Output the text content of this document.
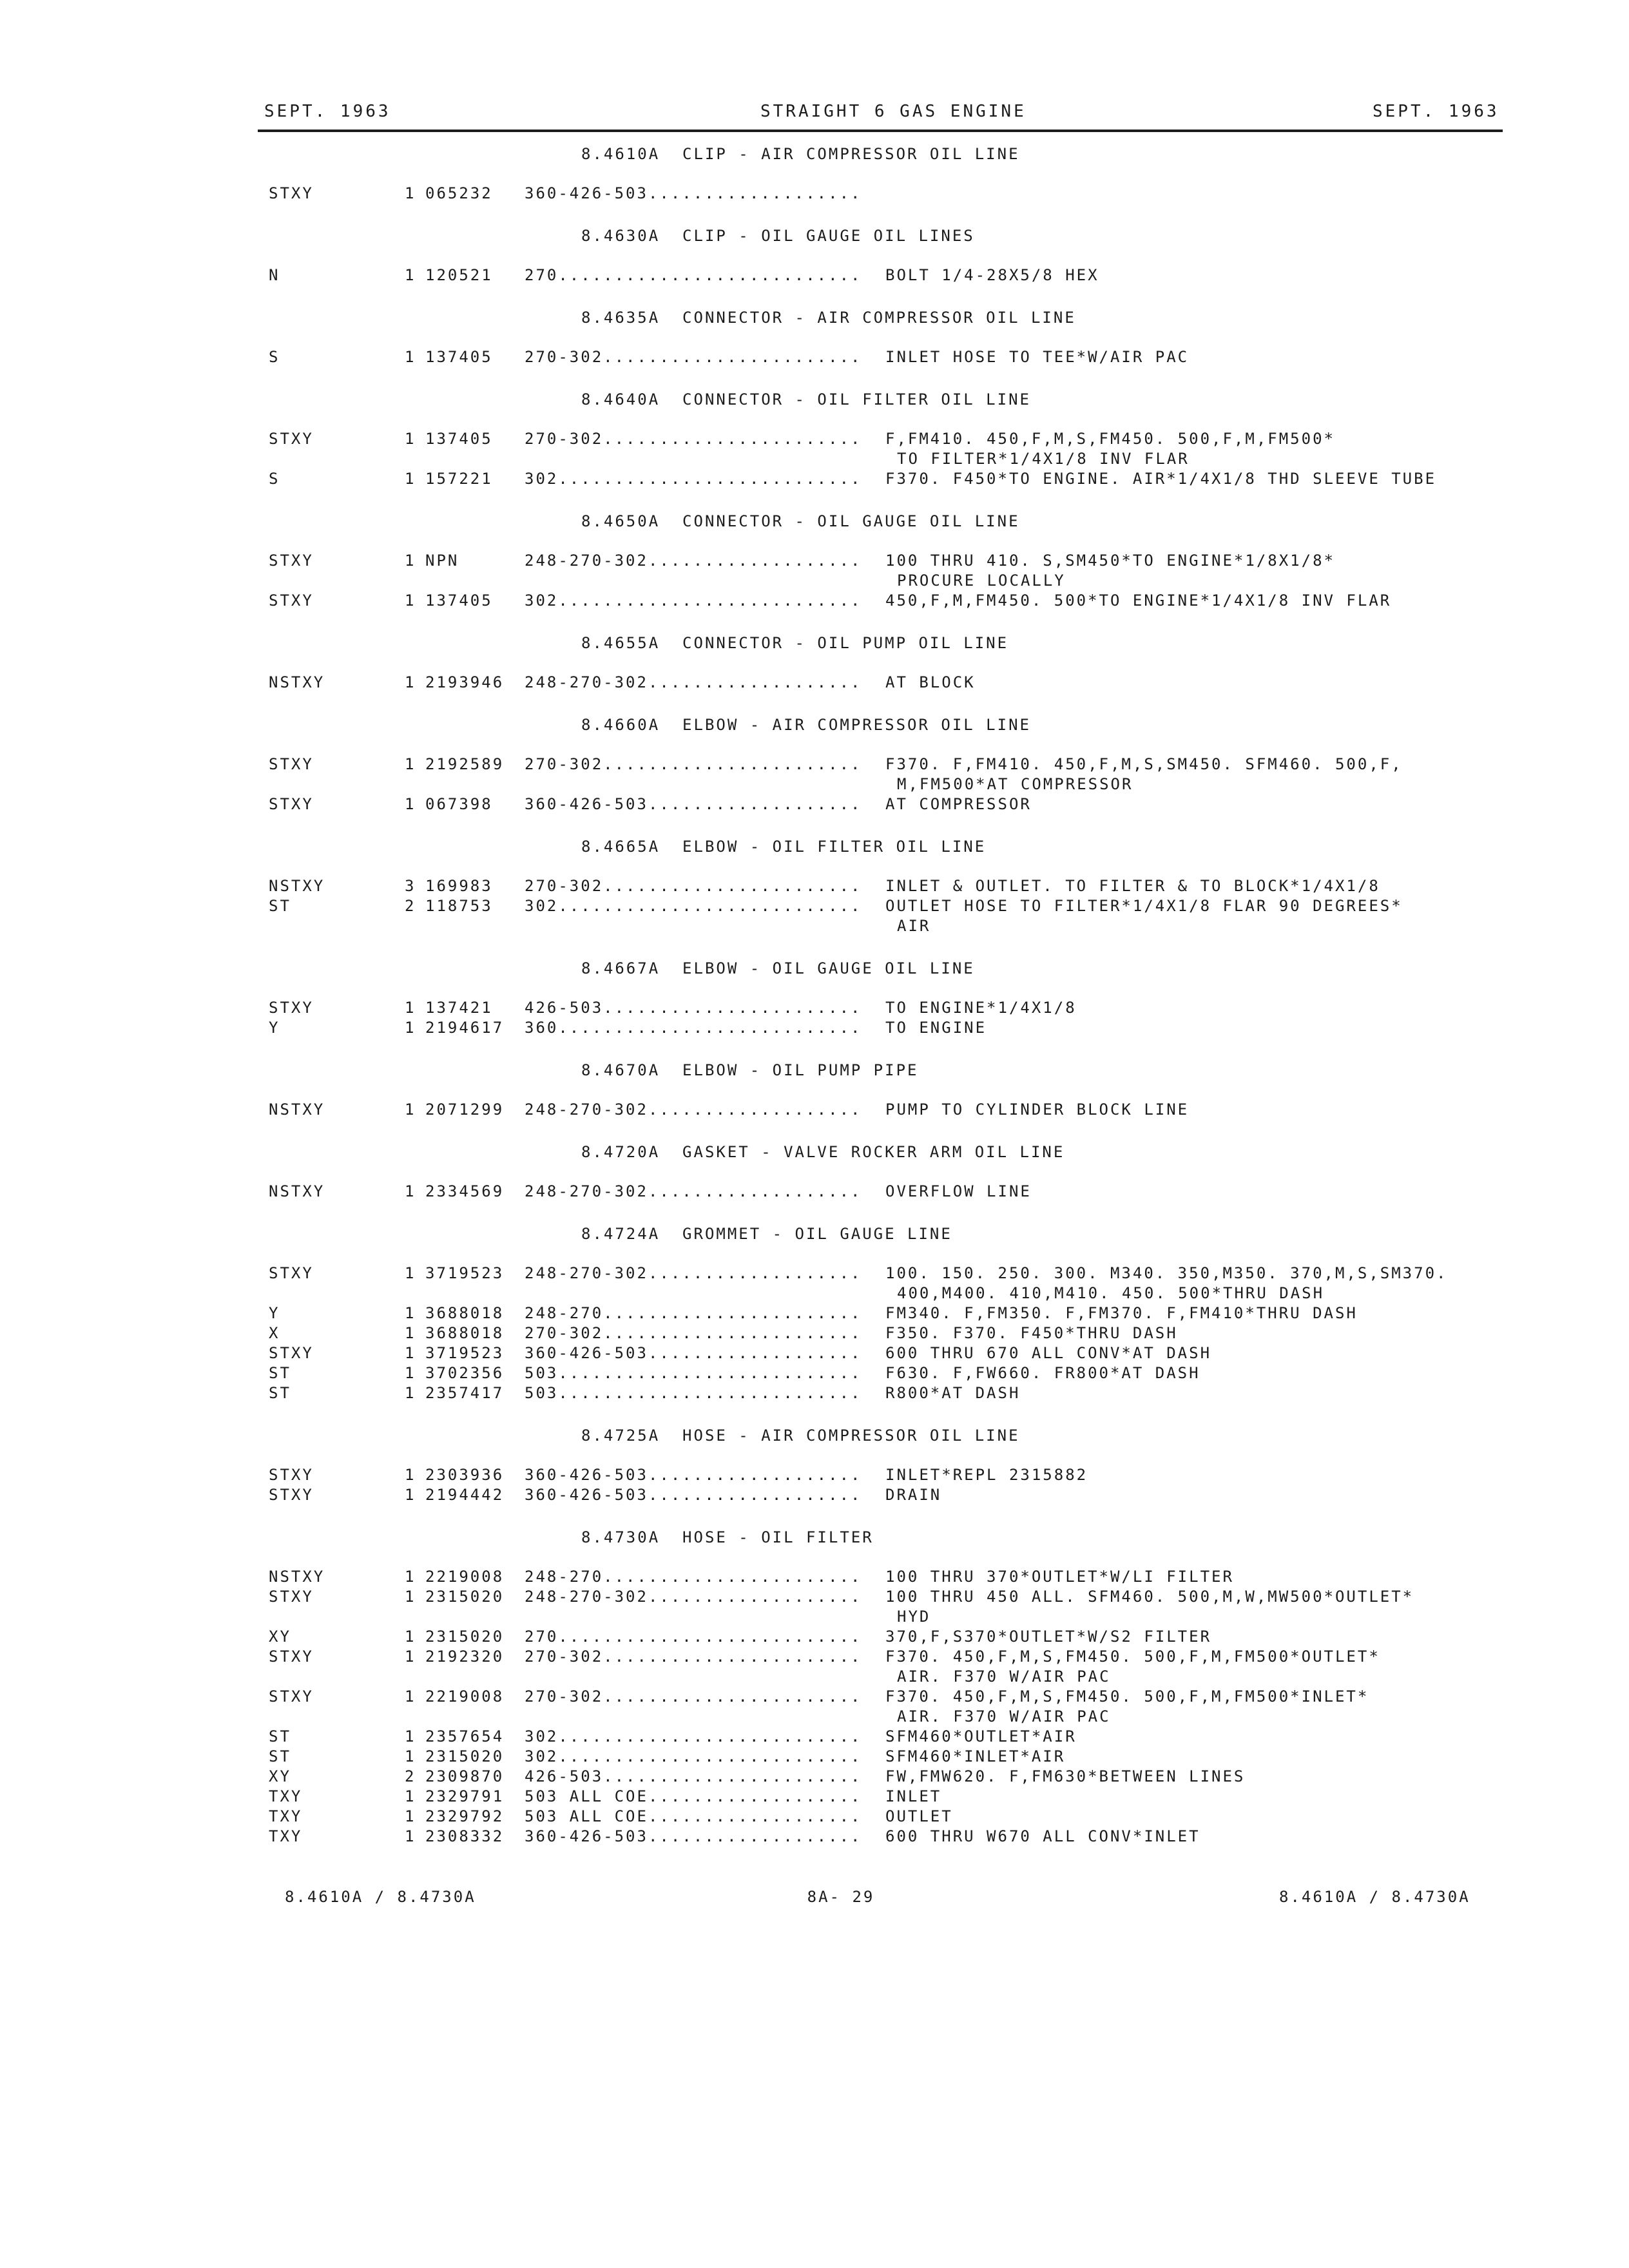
SEPT. 1963	STRAIGHT 6 GAS ENGINE	SEPT. 1963
8.4610A  CLIP - AIR COMPRESSOR OIL LINE
STXY	1 065232 360-426-503...................
8.4630A  CLIP - OIL GAUGE OIL LINES
N	1 120521 270........................... BOLT 1/4-28X5/8 HEX
8.4635A  CONNECTOR - AIR COMPRESSOR OIL LINE
S	1 137405 270-302....................... INLET HOSE TO TEE*W/AIR PAC
8.4640A  CONNECTOR - OIL FILTER OIL LINE
STXY	1 137405 270-302....................... F,FM410. 450,F,M,S,FM450. 500,F,M,FM500*
TO FILTER*1/4X1/8 INV FLAR
S	1 157221 302........................... F370. F450*TO ENGINE. AIR*1/4X1/8 THD SLEEVE TUBE
8.4650A  CONNECTOR - OIL GAUGE OIL LINE
STXY	1 NPN	248-270-302................... 100 THRU 410. S,SM450*TO ENGINE*1/8X1/8*
PROCURE LOCALLY
STXY	1 137405 302........................... 450,F,M,FM450. 500*TO ENGINE*1/4X1/8 INV FLAR
8.4655A  CONNECTOR - OIL PUMP OIL LINE
NSTXY	1 2193946 248-270-302................... AT BLOCK
8.4660A  ELBOW - AIR COMPRESSOR OIL LINE
STXY	1 2192589 270-302....................... F370. F,FM410. 450,F,M,S,SM450. SFM460. 500,F,
M,FM500*AT COMPRESSOR
STXY	1 067398 360-426-503................... AT COMPRESSOR
8.4665A  ELBOW - OIL FILTER OIL LINE
NSTXY	3 169983 270-302....................... INLET & OUTLET. TO FILTER & TO BLOCK*1/4X1/8
ST	2 118753 302........................... OUTLET HOSE TO FILTER*1/4X1/8 FLAR 90 DEGREES*
AIR
8.4667A  ELBOW - OIL GAUGE OIL LINE
STXY	1 137421 426-503....................... TO ENGINE*1/4X1/8
Y	1 2194617 360........................... TO ENGINE
8.4670A  ELBOW - OIL PUMP PIPE
NSTXY	1 2071299 248-270-302................... PUMP TO CYLINDER BLOCK LINE
8.4720A  GASKET - VALVE ROCKER ARM OIL LINE
NSTXY	1 2334569 248-270-302................... OVERFLOW LINE
8.4724A  GROMMET - OIL GAUGE LINE
STXY	1 3719523 248-270-302................... 100. 150. 250. 300. M340. 350,M350. 370,M,S,SM370.
400,M400. 410,M410. 450. 500*THRU DASH
Y	1 3688018 248-270....................... FM340. F,FM350. F,FM370. F,FM410*THRU DASH
X	1 3688018 270-302....................... F350. F370. F450*THRU DASH
STXY	1 3719523 360-426-503................... 600 THRU 670 ALL CONV*AT DASH
ST	1 3702356 503........................... F630. F,FW660. FR800*AT DASH
ST	1 2357417 503........................... R800*AT DASH
8.4725A  HOSE - AIR COMPRESSOR OIL LINE
STXY	1 2303936 360-426-503................... INLET*REPL 2315882
STXY	1 2194442 360-426-503................... DRAIN
8.4730A  HOSE - OIL FILTER
NSTXY	1 2219008 248-270....................... 100 THRU 370*OUTLET*W/LI FILTER
STXY	1 2315020 248-270-302................... 100 THRU 450 ALL. SFM460. 500,M,W,MW500*OUTLET*
HYD
XY	1 2315020 270........................... 370,F,S370*OUTLET*W/S2 FILTER
STXY	1 2192320 270-302....................... F370. 450,F,M,S,FM450. 500,F,M,FM500*OUTLET*
AIR. F370 W/AIR PAC
STXY	1 2219008 270-302....................... F370. 450,F,M,S,FM450. 500,F,M,FM500*INLET*
AIR. F370 W/AIR PAC
ST	1 2357654 302........................... SFM460*OUTLET*AIR
ST	1 2315020 302........................... SFM460*INLET*AIR
XY	2 2309870 426-503....................... FW,FMW620. F,FM630*BETWEEN LINES
TXY	1 2329791 503 ALL COE................... INLET
TXY	1 2329792 503 ALL COE................... OUTLET
TXY	1 2308332 360-426-503................... 600 THRU W670 ALL CONV*INLET
8.4610A / 8.4730A	8A- 29	8.4610A / 8.4730A
